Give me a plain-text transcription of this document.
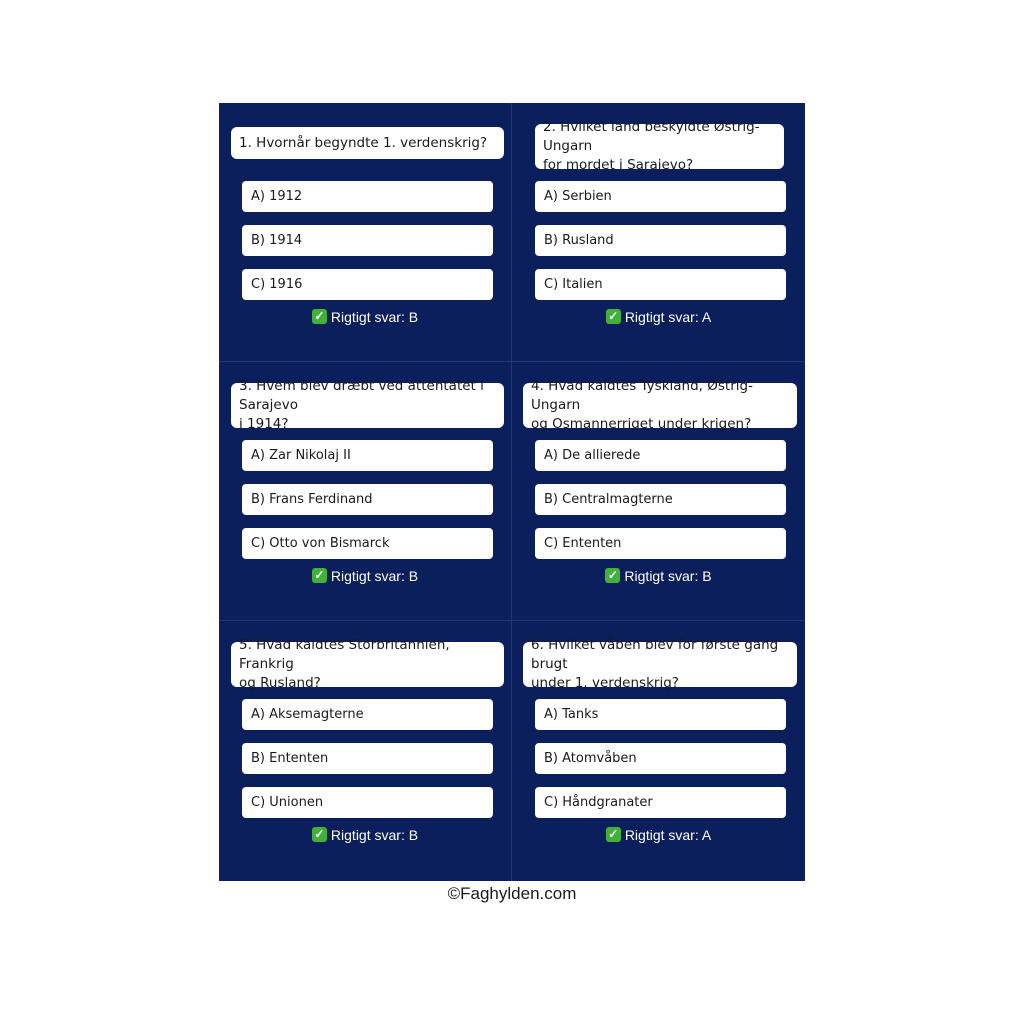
1. Hvornår begyndte 1. verdenskrig?
A) 1912
B) 1914
C) 1916
✓ Rigtigt svar: B
2. Hvilket land beskyldte Østrig-Ungarn
for mordet i Sarajevo?
A) Serbien
B) Rusland
C) Italien
✓ Rigtigt svar: A
3. Hvem blev dræbt ved attentatet i Sarajevo
i 1914?
A) Zar Nikolaj II
B) Frans Ferdinand
C) Otto von Bismarck
✓ Rigtigt svar: B
4. Hvad kaldtes Tyskland, Østrig-Ungarn
og Osmannerriget under krigen?
A) De allierede
B) Centralmagterne
C) Ententen
✓ Rigtigt svar: B
5. Hvad kaldtes Storbritannien, Frankrig
og Rusland?
A) Aksemagterne
B) Ententen
C) Unionen
✓ Rigtigt svar: B
6. Hvilket våben blev for første gang brugt
under 1. verdenskrig?
A) Tanks
B) Atomvåben
C) Håndgranater
✓ Rigtigt svar: A
©Faghylden.com
